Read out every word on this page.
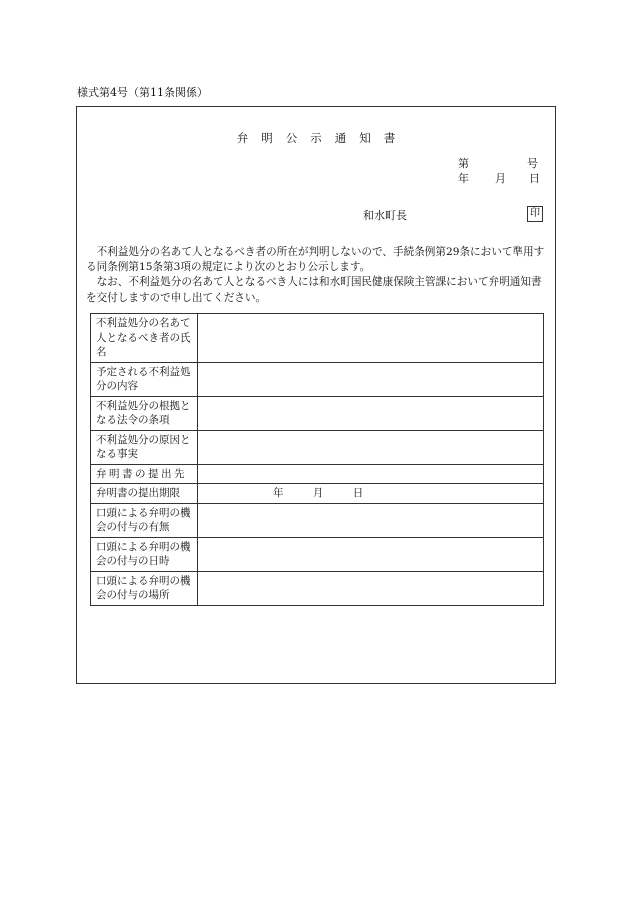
様式第4号（第11条関係）
弁明公示通知書
第	号
年 月 日
和水町長	印

不利益処分の名あて人となるべき者の所在が判明しないので、手続条例第29条において準用する同条例第15条第3項の規定により次のとおり公示します。

なお、不利益処分の名あて人となるべき人には和水町国民健康保険主管課において弁明通知書を交付しますので申し出てください。

不利益処分の名あて人となるべき者の氏名	
予定される不利益処分の内容	
不利益処分の根拠となる法令の条項	
不利益処分の原因となる事実	
弁明書の提出先	
弁明書の提出期限	年 月 日
口頭による弁明の機会の付与の有無	
口頭による弁明の機会の付与の日時	
口頭による弁明の機会の付与の場所	
